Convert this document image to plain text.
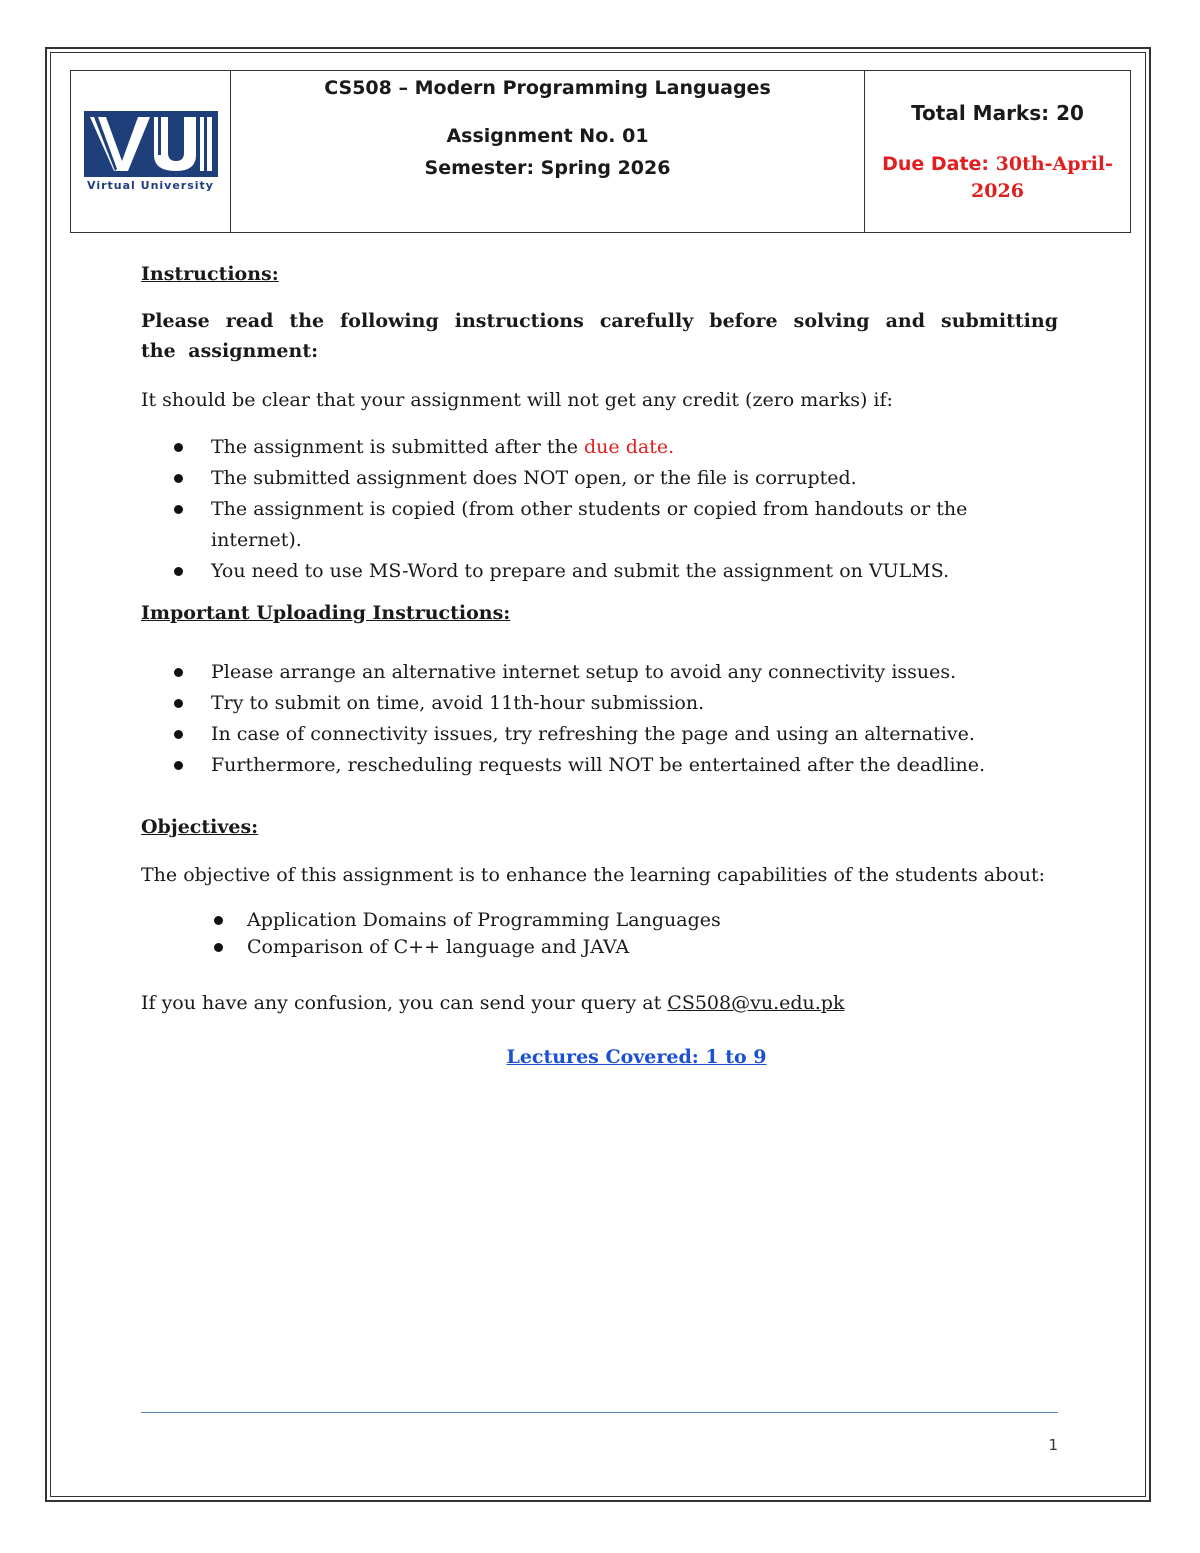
Virtual University
CS508 – Modern Programming Languages
Assignment No. 01
Semester: Spring 2026
Total Marks: 20
Due Date: 30th-April-
2026
Instructions:
Please read the following instructions carefully before solving and submitting the assignment:
It should be clear that your assignment will not get any credit (zero marks) if:
The assignment is submitted after the due date.
The submitted assignment does NOT open, or the file is corrupted.
The assignment is copied (from other students or copied from handouts or the internet).
You need to use MS-Word to prepare and submit the assignment on VULMS.
Important Uploading Instructions:
Please arrange an alternative internet setup to avoid any connectivity issues.
Try to submit on time, avoid 11th-hour submission.
In case of connectivity issues, try refreshing the page and using an alternative.
Furthermore, rescheduling requests will NOT be entertained after the deadline.
Objectives:
The objective of this assignment is to enhance the learning capabilities of the students about:
Application Domains of Programming Languages
Comparison of C++ language and JAVA
If you have any confusion, you can send your query at CS508@vu.edu.pk
Lectures Covered: 1 to 9
1
